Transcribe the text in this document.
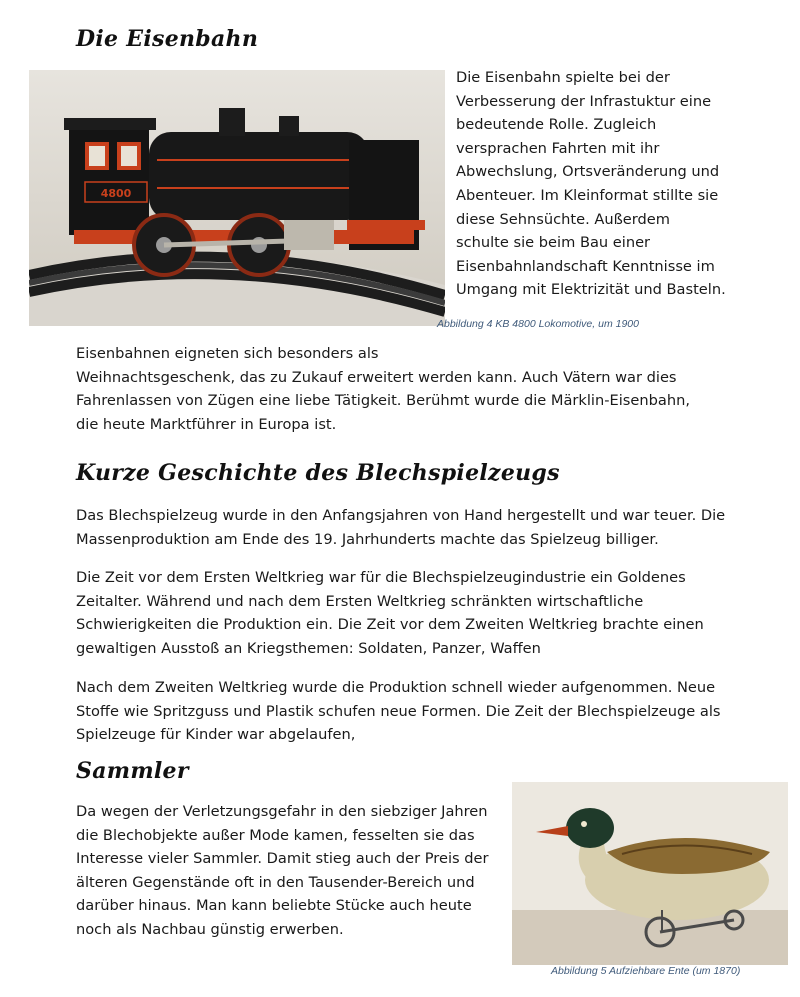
Die Eisenbahn
4800

Die Eisenbahn spielte bei der Verbesserung der Infrastuktur eine bedeutende Rolle. Zugleich versprachen Fahrten mit ihr Abwechslung, Ortsveränderung und Abenteuer. Im Kleinformat stillte sie diese Sehnsüchte. Außerdem schulte sie beim Bau einer Eisenbahnlandschaft Kenntnisse im Umgang mit Elektrizität und Basteln.

Abbildung 4 KB 4800 Lokomotive, um 1900

Eisenbahnen eigneten sich besonders als
Weihnachtsgeschenk, das zu Zukauf erweitert werden kann. Auch Vätern war dies Fahrenlassen von Zügen eine liebe Tätigkeit. Berühmt wurde die Märklin-Eisenbahn, die heute Marktführer in Europa ist.

Kurze Geschichte des Blechspielzeugs

Das Blechspielzeug wurde in den Anfangsjahren von Hand hergestellt und war teuer. Die Massenproduktion am Ende des 19. Jahrhunderts machte das Spielzeug billiger.

Die Zeit vor dem Ersten Weltkrieg war für die Blechspielzeugindustrie ein Goldenes Zeitalter. Während und nach dem Ersten Weltkrieg schränkten wirtschaftliche Schwierigkeiten die Produktion ein. Die Zeit vor dem Zweiten Weltkrieg brachte einen gewaltigen Ausstoß an Kriegsthemen: Soldaten, Panzer, Waffen

Nach dem Zweiten Weltkrieg wurde die Produktion schnell wieder aufgenommen. Neue Stoffe wie Spritzguss und Plastik schufen neue Formen. Die Zeit der Blechspielzeuge als Spielzeuge für Kinder war abgelaufen,

Sammler

Da wegen der Verletzungsgefahr in den siebziger Jahren die Blechobjekte außer Mode kamen, fesselten sie das Interesse vieler Sammler. Damit stieg auch der Preis der älteren Gegenstände oft in den Tausender-Bereich und darüber hinaus. Man kann beliebte Stücke auch heute noch als Nachbau günstig erwerben.

Abbildung 5 Aufziehbare Ente (um 1870)
